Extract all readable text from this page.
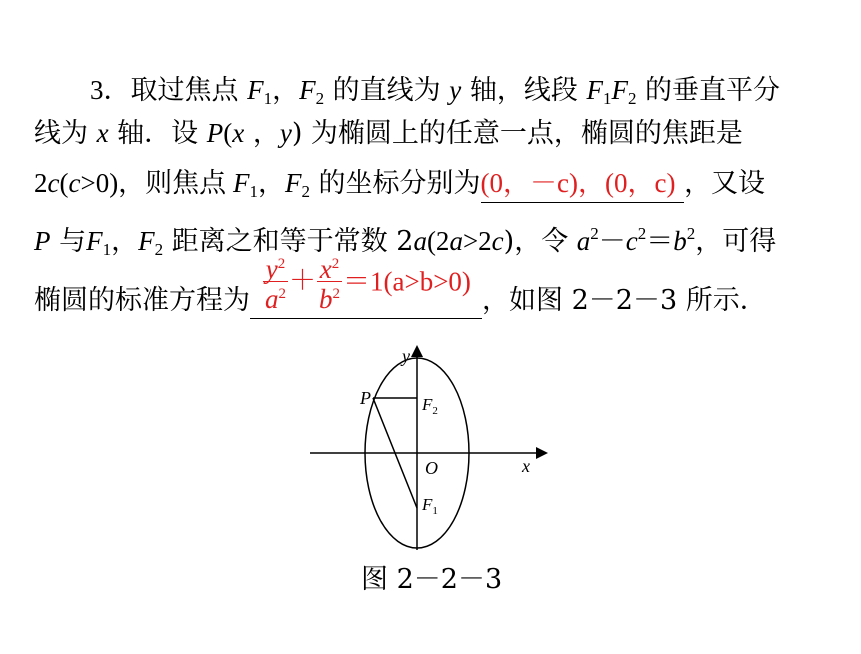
3．取过焦点 $F_1$，$F_2$ 的直线为 y 轴，线段 $F_1F_2$ 的垂直平分
线为 x 轴．设 P(x ，y) 为椭圆上的任意一点，椭圆的焦距是
2c(c>0)，则焦点 $F_1$，$F_2$ 的坐标分别为(0，－c)，(0，c) ，又设
P 与$F_1$，$F_2$ 距离之和等于常数 2a(2a>2c)，令 $a^2-c^2=b^2$，可得
椭圆的标准方程为 $\frac{y^2}{a^2} + \frac{x^2}{b^2} =1(a>b>0)$
，如图 2－2－3 所示．
y
x
P
O
$F_2$
$F_1$
图 2－2－3
